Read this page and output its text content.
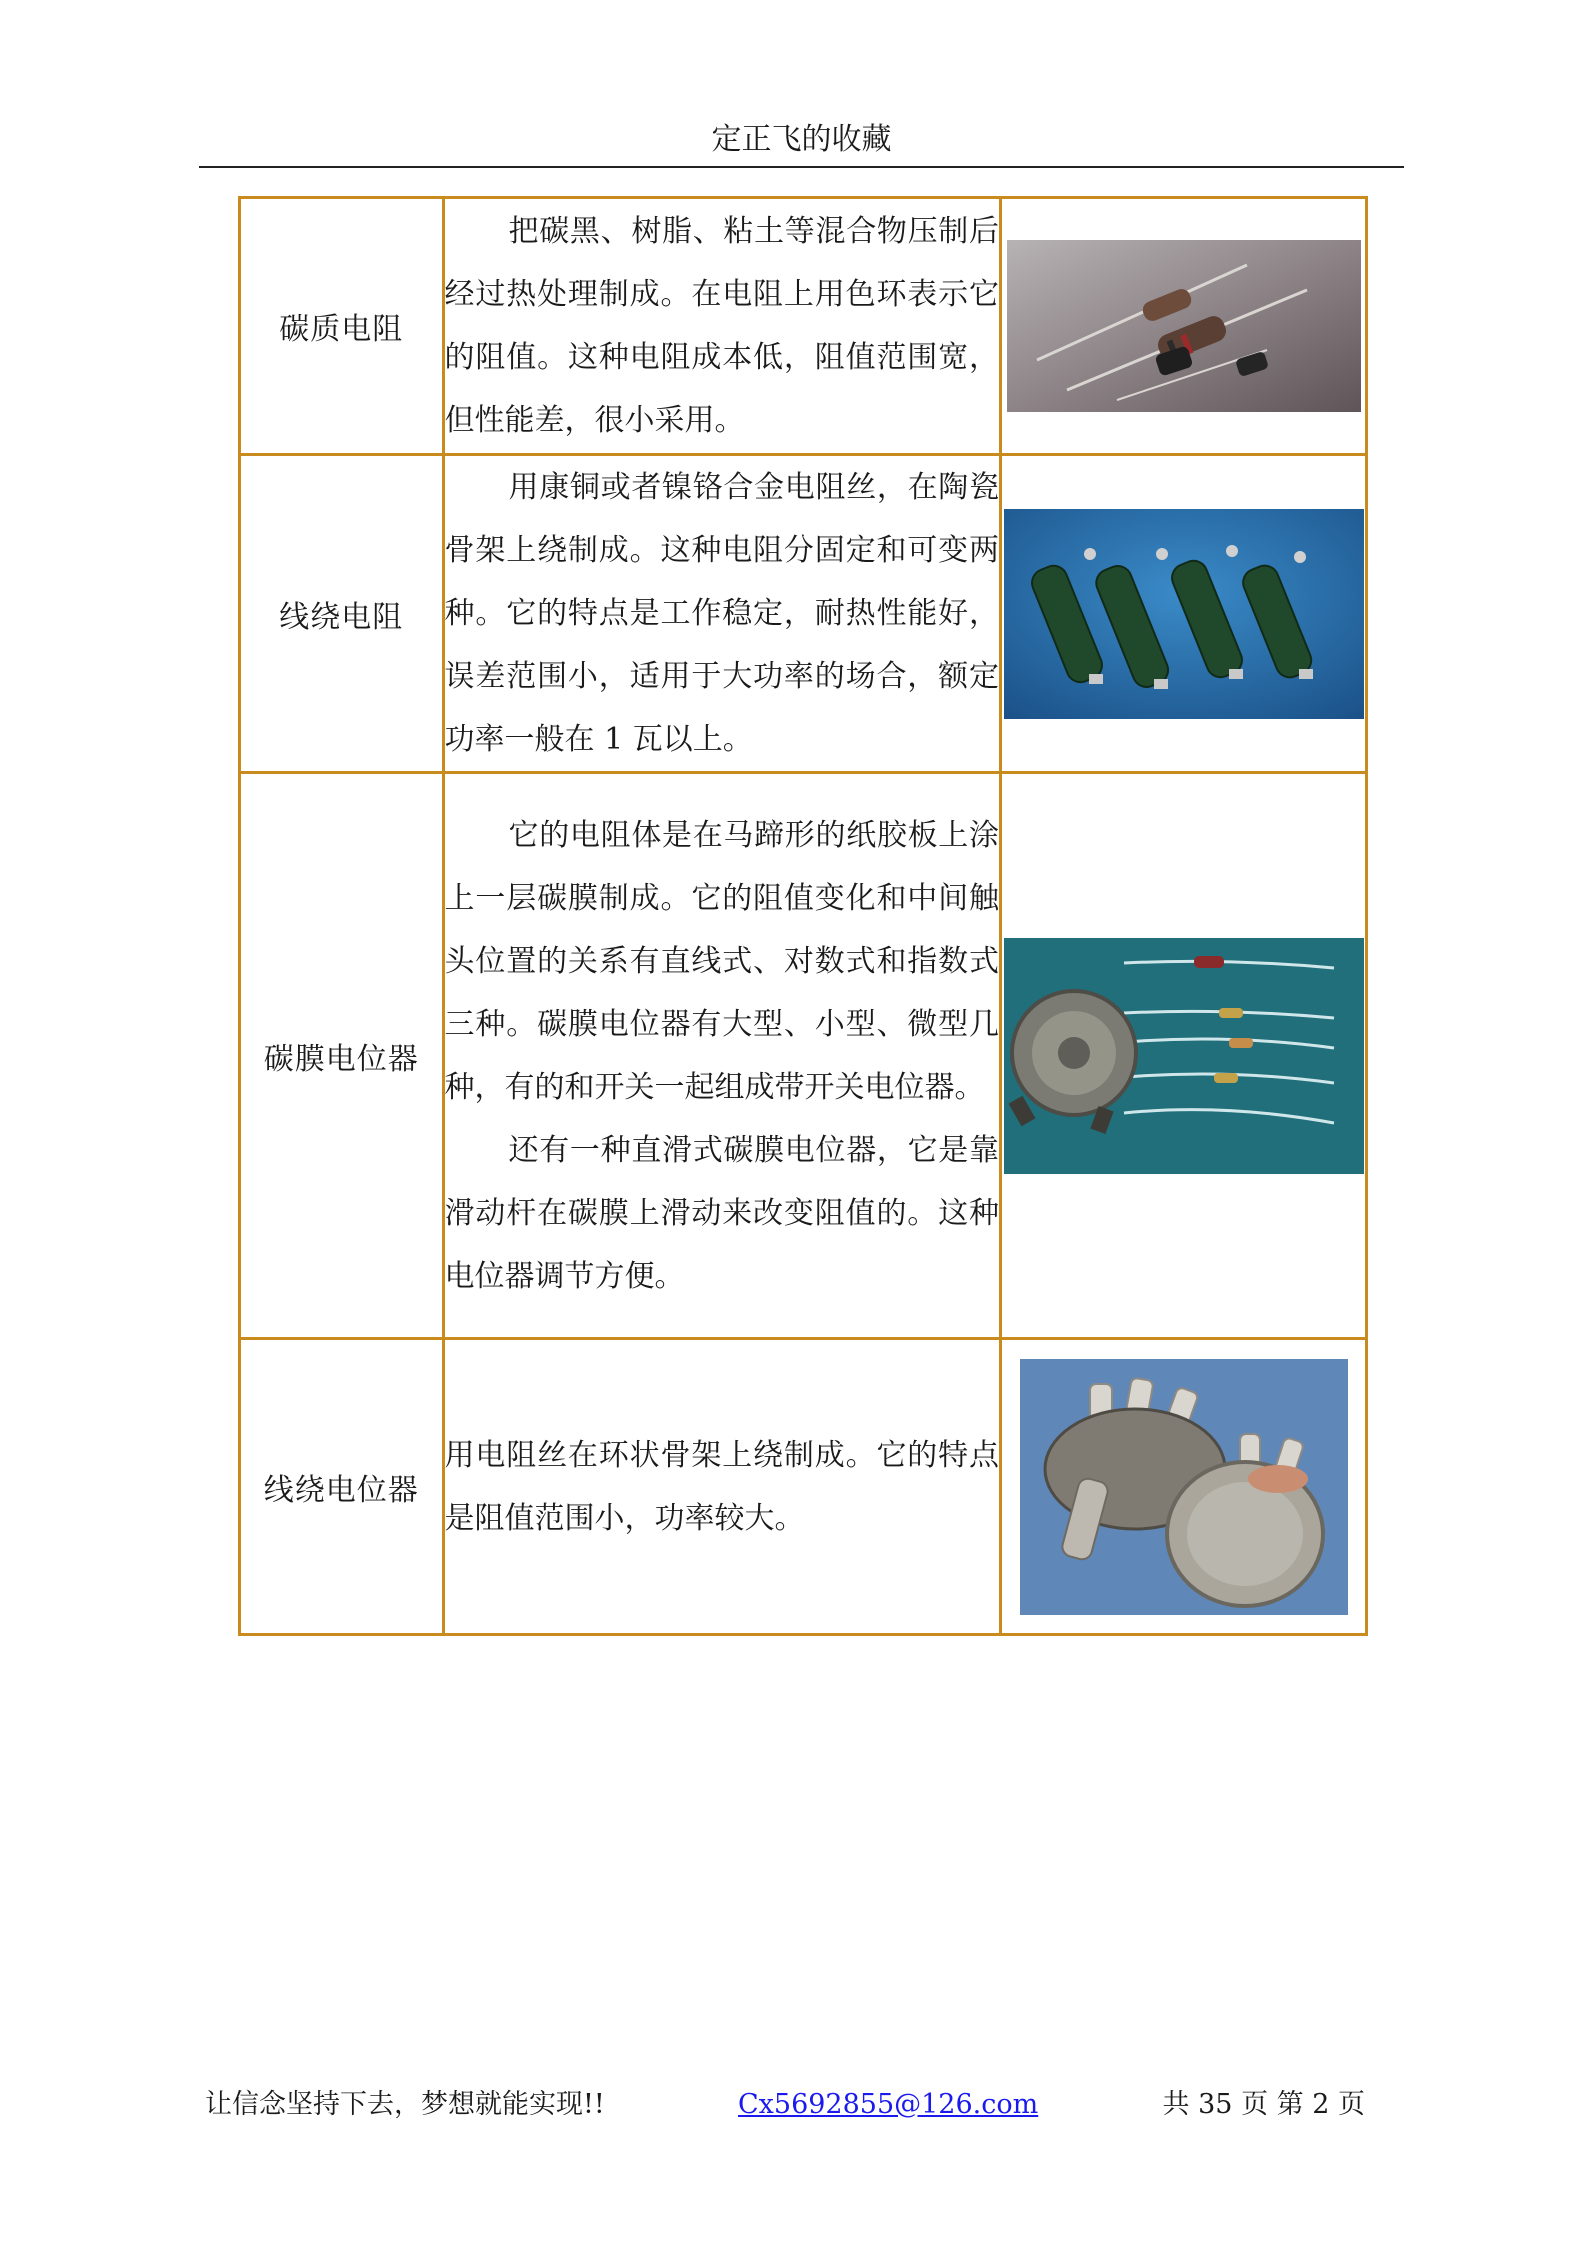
定正飞的收藏
碳质电阻	把碳黑、树脂、粘土等混合物压制后经过热处理制成。在电阻上用色环表示它的阻值。这种电阻成本低，阻值范围宽，但性能差，很小采用。

线绕电阻	用康铜或者镍铬合金电阻丝，在陶瓷骨架上绕制成。这种电阻分固定和可变两种。它的特点是工作稳定，耐热性能好，误差范围小，适用于大功率的场合，额定功率一般在 1 瓦以上。

碳膜电位器	它的电阻体是在马蹄形的纸胶板上涂上一层碳膜制成。它的阻值变化和中间触头位置的关系有直线式、对数式和指数式三种。碳膜电位器有大型、小型、微型几种，有的和开关一起组成带开关电位器。

还有一种直滑式碳膜电位器，它是靠滑动杆在碳膜上滑动来改变阻值的。这种电位器调节方便。

线绕电位器	用电阻丝在环状骨架上绕制成。它的特点是阻值范围小，功率较大。

让信念坚持下去，梦想就能实现!!	Cx5692855@126.com	共 35 页 第 2 页
